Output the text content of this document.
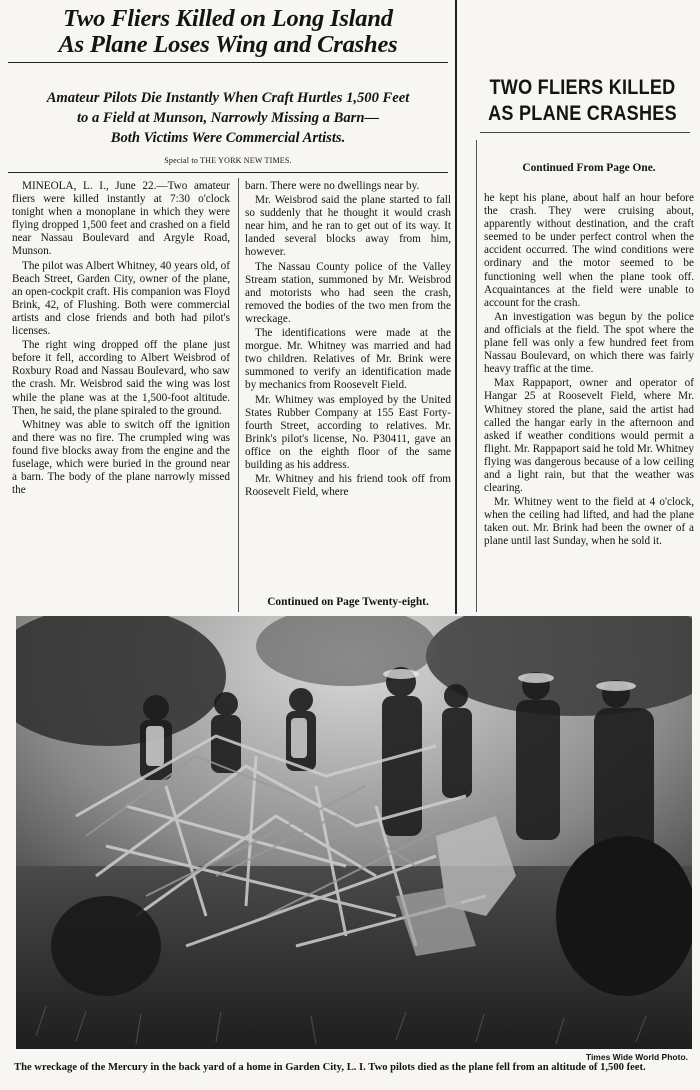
Two Fliers Killed on Long Island
As Plane Loses Wing and Crashes
Amateur Pilots Die Instantly When Craft Hurtles 1,500 Feet
to a Field at Munson, Narrowly Missing a Barn—
Both Victims Were Commercial Artists.
Special to THE YORK NEW TIMES.
TWO FLIERS KILLED
AS PLANE CRASHES
Continued From Page One.

MINEOLA, L. I., June 22.—Two amateur fliers were killed instantly at 7:30 o'clock tonight when a monoplane in which they were flying dropped 1,500 feet and crashed on a field near Nassau Boulevard and Argyle Road, Munson.

The pilot was Albert Whitney, 40 years old, of Beach Street, Garden City, owner of the plane, an open-cockpit craft. His companion was Floyd Brink, 42, of Flushing. Both were commercial artists and close friends and both had pilot's licenses.

The right wing dropped off the plane just before it fell, according to Albert Weisbrod of Roxbury Road and Nassau Boulevard, who saw the crash. Mr. Weisbrod said the wing was lost while the plane was at the 1,500-foot altitude. Then, he said, the plane spiraled to the ground.

Whitney was able to switch off the ignition and there was no fire. The crumpled wing was found five blocks away from the engine and the fuselage, which were buried in the ground near a barn. The body of the plane narrowly missed the

barn. There were no dwellings near by.

Mr. Weisbrod said the plane started to fall so suddenly that he thought it would crash near him, and he ran to get out of its way. It landed several blocks away from him, however.

The Nassau County police of the Valley Stream station, summoned by Mr. Weisbrod and motorists who had seen the crash, removed the bodies of the two men from the wreckage.

The identifications were made at the morgue. Mr. Whitney was married and had two children. Relatives of Mr. Brink were summoned to verify an identification made by mechanics from Roosevelt Field.

Mr. Whitney was employed by the United States Rubber Company at 155 East Forty-fourth Street, according to relatives. Mr. Brink's pilot's license, No. P30411, gave an office on the eighth floor of the same building as his address.

Mr. Whitney and his friend took off from Roosevelt Field, where

Continued on Page Twenty-eight.

he kept his plane, about half an hour before the crash. They were cruising about, apparently without destination, and the craft seemed to be under perfect control when the accident occurred. The wind conditions were ordinary and the motor seemed to be functioning well when the plane took off. Acquaintances at the field were unable to account for the crash.

An investigation was begun by the police and officials at the field. The spot where the plane fell was only a few hundred feet from Nassau Boulevard, on which there was fairly heavy traffic at the time.

Max Rappaport, owner and operator of Hangar 25 at Roosevelt Field, where Mr. Whitney stored the plane, said the artist had called the hangar early in the afternoon and asked if weather conditions would permit a flight. Mr. Rappaport said he told Mr. Whitney flying was dangerous because of a low ceiling and a light rain, but that the weather was clearing.

Mr. Whitney went to the field at 4 o'clock, when the ceiling had lifted, and had the plane taken out. Mr. Brink had been the owner of a plane until last Sunday, when he sold it.

Times Wide World Photo.
The wreckage of the Mercury in the back yard of a home in Garden City, L. I. Two pilots died as the plane fell from an altitude of 1,500 feet.
